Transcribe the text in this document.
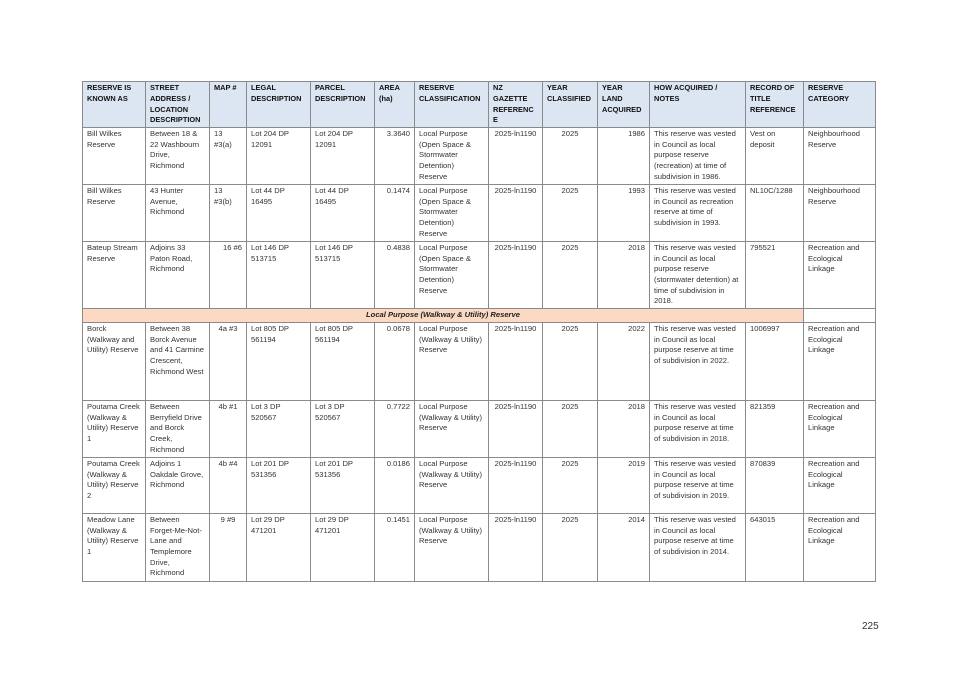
RESERVE IS KNOWN AS	STREET ADDRESS / LOCATION DESCRIPTION	MAP #	LEGAL DESCRIPTION	PARCEL DESCRIPTION	AREA (ha)	RESERVE CLASSIFICATION	NZ GAZETTE REFERENCE	YEAR CLASSIFIED	YEAR LAND ACQUIRED	HOW ACQUIRED / NOTES	RECORD OF TITLE REFERENCE	RESERVE CATEGORY
Bill Wilkes Reserve	Between 18 & 22 Washbourn Drive, Richmond	13 #3(a)	Lot 204 DP 12091	Lot 204 DP 12091	3.3640	Local Purpose (Open Space & Stormwater Detention) Reserve	2025-ln1190	2025	1986	This reserve was vested in Council as local purpose reserve (recreation) at time of subdivision in 1986.	Vest on deposit	Neighbourhood Reserve
Bill Wilkes Reserve	43 Hunter Avenue, Richmond	13 #3(b)	Lot 44 DP 16495	Lot 44 DP 16495	0.1474	Local Purpose (Open Space & Stormwater Detention) Reserve	2025-ln1190	2025	1993	This reserve was vested in Council as recreation reserve at time of subdivision in 1993.	NL10C/1288	Neighbourhood Reserve
Bateup Stream Reserve	Adjoins 33 Paton Road, Richmond	16 #6	Lot 146 DP 513715	Lot 146 DP 513715	0.4838	Local Purpose (Open Space & Stormwater Detention) Reserve	2025-ln1190	2025	2018	This reserve was vested in Council as local purpose reserve (stormwater detention) at time of subdivision in 2018.	795521	Recreation and Ecological Linkage
Local Purpose (Walkway & Utility) Reserve												
Borck (Walkway and Utility) Reserve	Between 38 Borck Avenue and 41 Carmine Crescent, Richmond West	4a #3	Lot 805 DP 561194	Lot 805 DP 561194	0.0678	Local Purpose (Walkway & Utility) Reserve	2025-ln1190	2025	2022	This reserve was vested in Council as local purpose reserve at time of subdivision in 2022.	1006997	Recreation and Ecological Linkage
Poutama Creek (Walkway & Utility) Reserve 1	Between Berryfield Drive and Borck Creek, Richmond	4b #1	Lot 3 DP 520567	Lot 3 DP 520567	0.7722	Local Purpose (Walkway & Utility) Reserve	2025-ln1190	2025	2018	This reserve was vested in Council as local purpose reserve at time of subdivision in 2018.	821359	Recreation and Ecological Linkage
Poutama Creek (Walkway & Utility) Reserve 2	Adjoins 1 Oakdale Grove, Richmond	4b #4	Lot 201 DP 531356	Lot 201 DP 531356	0.0186	Local Purpose (Walkway & Utility) Reserve	2025-ln1190	2025	2019	This reserve was vested in Council as local purpose reserve at time of subdivision in 2019.	870839	Recreation and Ecological Linkage
Meadow Lane (Walkway & Utility) Reserve 1	Between Forget-Me-Not-Lane and Templemore Drive, Richmond	9 #9	Lot 29 DP 471201	Lot 29 DP 471201	0.1451	Local Purpose (Walkway & Utility) Reserve	2025-ln1190	2025	2014	This reserve was vested in Council as local purpose reserve at time of subdivision in 2014.	643015	Recreation and Ecological Linkage
225
